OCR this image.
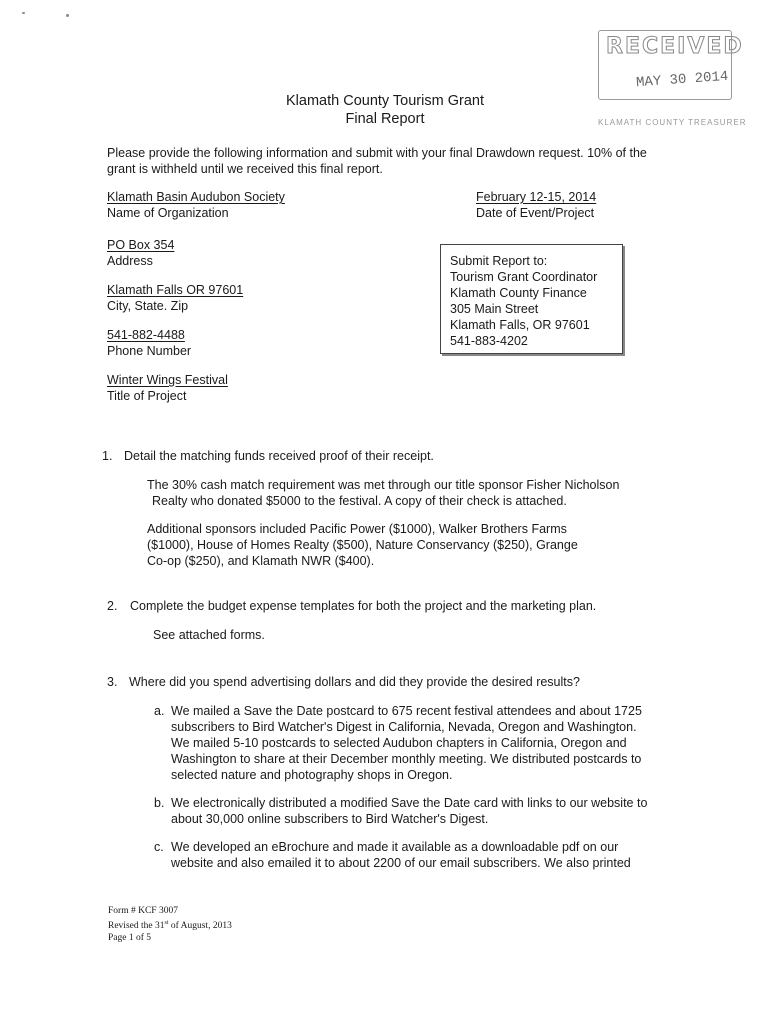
RECEIVED
MAY 30 2014
KLAMATH COUNTY TREASURER
Klamath County Tourism Grant
Final Report
Please provide the following information and submit with your final Drawdown request. 10% of the
grant is withheld until we received this final report.
Klamath Basin Audubon Society
Name of Organization
February 12-15, 2014
Date of Event/Project
PO Box 354
Address
Klamath Falls OR 97601
City, State. Zip
541-882-4488
Phone Number
Winter Wings Festival
Title of Project
Submit Report to:
Tourism Grant Coordinator
Klamath County Finance
305 Main Street
Klamath Falls, OR 97601
541-883-4202
1. Detail the matching funds received proof of their receipt.
The 30% cash match requirement was met through our title sponsor Fisher Nicholson
Realty who donated $5000 to the festival. A copy of their check is attached.
Additional sponsors included Pacific Power ($1000), Walker Brothers Farms
($1000), House of Homes Realty ($500), Nature Conservancy ($250), Grange
Co-op ($250), and Klamath NWR ($400).
2. Complete the budget expense templates for both the project and the marketing plan.
See attached forms.
3. Where did you spend advertising dollars and did they provide the desired results?
a. We mailed a Save the Date postcard to 675 recent festival attendees and about 1725
subscribers to Bird Watcher's Digest in California, Nevada, Oregon and Washington.
We mailed 5-10 postcards to selected Audubon chapters in California, Oregon and
Washington to share at their December monthly meeting. We distributed postcards to
selected nature and photography shops in Oregon.
b. We electronically distributed a modified Save the Date card with links to our website to
about 30,000 online subscribers to Bird Watcher's Digest.
c. We developed an eBrochure and made it available as a downloadable pdf on our
website and also emailed it to about 2200 of our email subscribers. We also printed
Form # KCF 3007
Revised the 31st of August, 2013
Page 1 of 5
